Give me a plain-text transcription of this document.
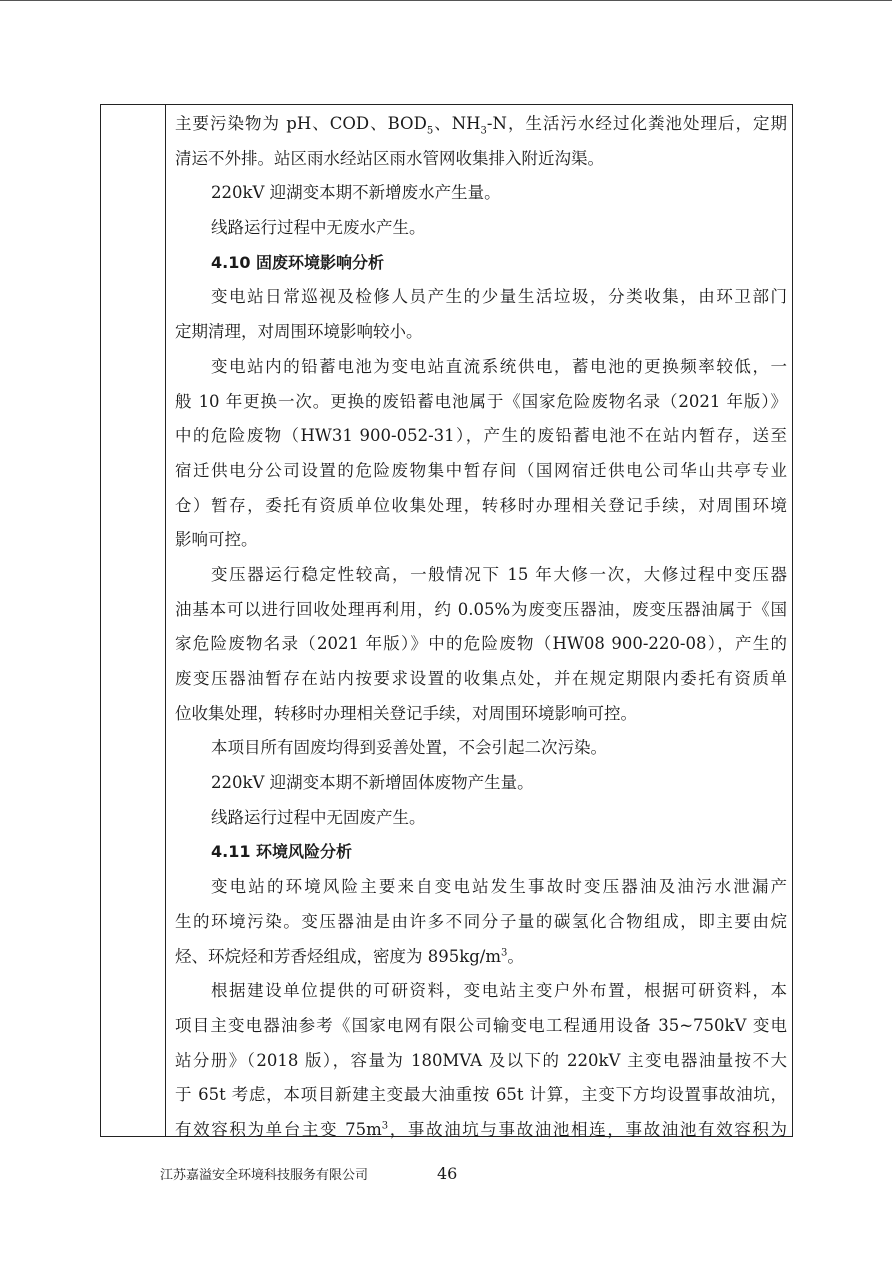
主要污染物为 pH、COD、$BOD_5$、$NH_3-N$，生活污水经过化粪池处理后，定期
清运不外排。站区雨水经站区雨水管网收集排入附近沟渠。
220kV 迎湖变本期不新增废水产生量。
线路运行过程中无废水产生。
4.10 固废环境影响分析
变电站日常巡视及检修人员产生的少量生活垃圾，分类收集，由环卫部门
定期清理，对周围环境影响较小。
变电站内的铅蓄电池为变电站直流系统供电，蓄电池的更换频率较低，一
般 10 年更换一次。更换的废铅蓄电池属于《国家危险废物名录（2021 年版）》
中的危险废物（HW31 900-052-31），产生的废铅蓄电池不在站内暂存，送至
宿迁供电分公司设置的危险废物集中暂存间（国网宿迁供电公司华山共亭专业
仓）暂存，委托有资质单位收集处理，转移时办理相关登记手续，对周围环境
影响可控。
变压器运行稳定性较高，一般情况下 15 年大修一次，大修过程中变压器
油基本可以进行回收处理再利用，约 0.05%为废变压器油，废变压器油属于《国
家危险废物名录（2021 年版）》中的危险废物（HW08 900-220-08），产生的
废变压器油暂存在站内按要求设置的收集点处，并在规定期限内委托有资质单
位收集处理，转移时办理相关登记手续，对周围环境影响可控。
本项目所有固废均得到妥善处置，不会引起二次污染。
220kV 迎湖变本期不新增固体废物产生量。
线路运行过程中无固废产生。
4.11 环境风险分析
变电站的环境风险主要来自变电站发生事故时变压器油及油污水泄漏产
生的环境污染。变压器油是由许多不同分子量的碳氢化合物组成，即主要由烷
烃、环烷烃和芳香烃组成，密度为 $895kg/m^3$。
根据建设单位提供的可研资料，变电站主变户外布置，根据可研资料，本
项目主变电器油参考《国家电网有限公司输变电工程通用设备 35~750kV 变电
站分册》（2018 版），容量为 180MVA 及以下的 220kV 主变电器油量按不大
于 65t 考虑，本项目新建主变最大油重按 65t 计算，主变下方均设置事故油坑，
有效容积为单台主变 $75m^3$，事故油坑与事故油池相连，事故油池有效容积为
江苏嘉溢安全环境科技服务有限公司	46
